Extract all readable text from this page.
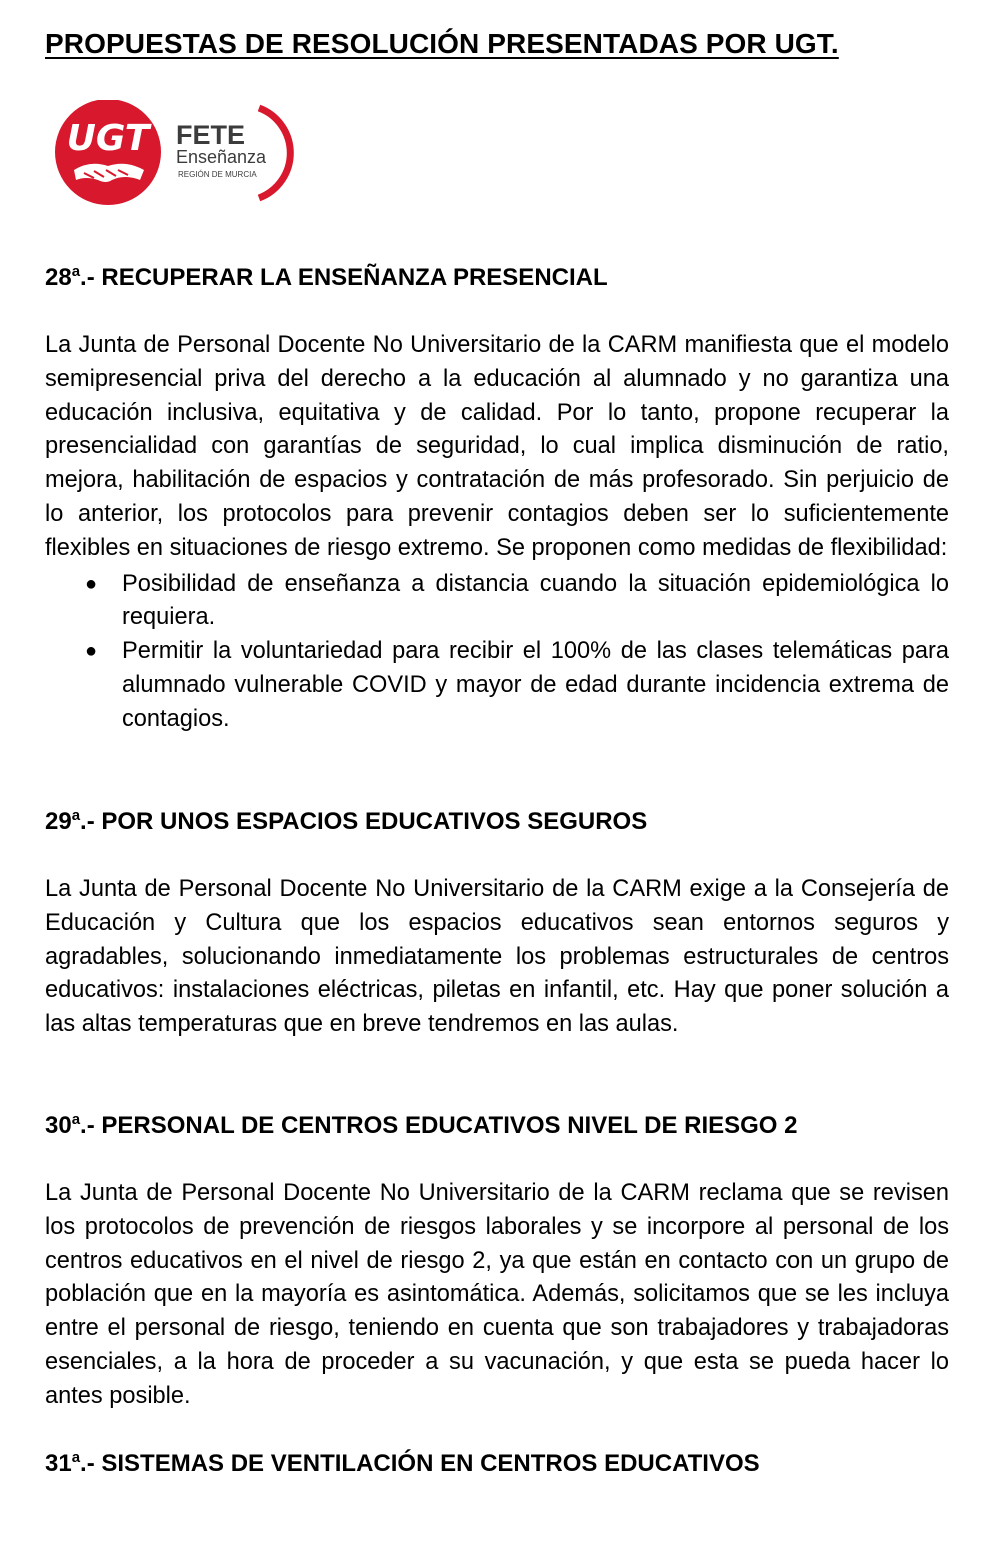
PROPUESTAS DE RESOLUCIÓN PRESENTADAS POR UGT.
UGT FETE
Enseñanza
REGIÓN DE MURCIA
28$^a$.- RECUPERAR LA ENSEÑANZA PRESENCIAL

La Junta de Personal Docente No Universitario de la CARM manifiesta que el modelo semipresencial priva del derecho a la educación al alumnado y no garantiza una educación inclusiva, equitativa y de calidad. Por lo tanto, propone recuperar la presencialidad con garantías de seguridad, lo cual implica disminución de ratio, mejora, habilitación de espacios y contratación de más profesorado. Sin perjuicio de lo anterior, los protocolos para prevenir contagios deben ser lo suficientemente flexibles en situaciones de riesgo extremo. Se proponen como medidas de flexibilidad:

● Posibilidad de enseñanza a distancia cuando la situación epidemiológica lo requiera.
● Permitir la voluntariedad para recibir el 100% de las clases telemáticas para alumnado vulnerable COVID y mayor de edad durante incidencia extrema de contagios.
29$^a$.- POR UNOS ESPACIOS EDUCATIVOS SEGUROS

La Junta de Personal Docente No Universitario de la CARM exige a la Consejería de Educación y Cultura que los espacios educativos sean entornos seguros y agradables, solucionando inmediatamente los problemas estructurales de centros educativos: instalaciones eléctricas, piletas en infantil, etc. Hay que poner solución a las altas temperaturas que en breve tendremos en las aulas.

30$^a$.- PERSONAL DE CENTROS EDUCATIVOS NIVEL DE RIESGO 2

La Junta de Personal Docente No Universitario de la CARM reclama que se revisen los protocolos de prevención de riesgos laborales y se incorpore al personal de los centros educativos en el nivel de riesgo 2, ya que están en contacto con un grupo de población que en la mayoría es asintomática. Además, solicitamos que se les incluya entre el personal de riesgo, teniendo en cuenta que son trabajadores y trabajadoras esenciales, a la hora de proceder a su vacunación, y que esta se pueda hacer lo antes posible.

31$^a$.- SISTEMAS DE VENTILACIÓN EN CENTROS EDUCATIVOS
